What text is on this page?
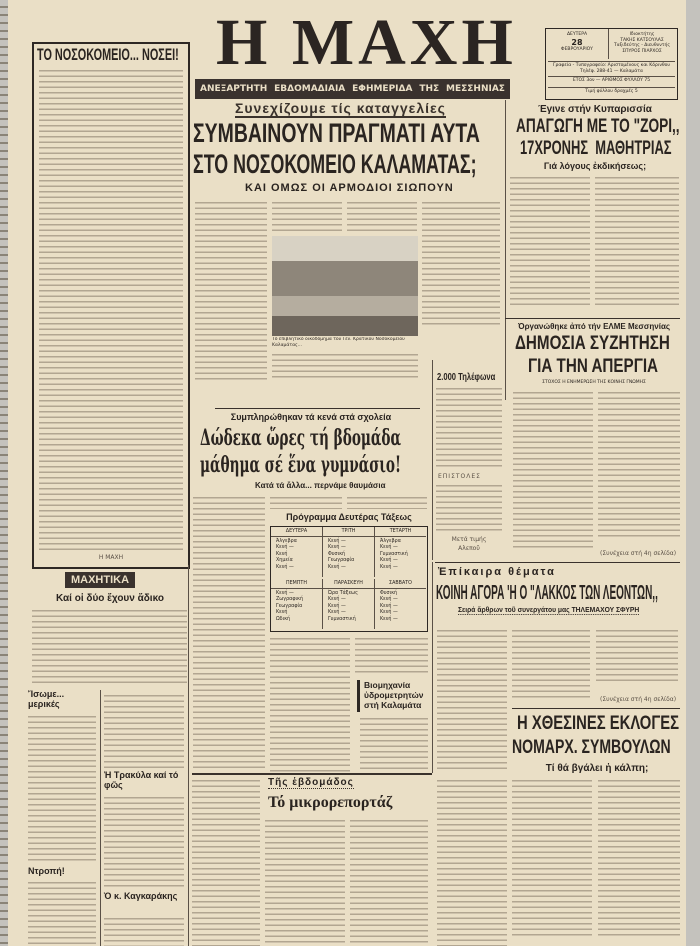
Η ΜΑΧΗ
ΑΝΕΞΑΡΤΗΤΗ ΕΒΔΟΜΑΔΙΑΙΑ ΕΦΗΜΕΡΙΔΑ ΤΗΣ ΜΕΣΣΗΝΙΑΣ
ΔΕΥΤΕΡΑ
28
ΦΕΒΡΟΥΑΡΙΟΥ
Ιδιοκτήτης
ΤΑΚΗΣ ΚΑΤΣΟΥΛΑΣ
Ταξιδεύτης - Διευθυντής
ΣΠΥΡΟΣ ΠΙΑΡΧΟΣ
Γραφεία - Τυπογραφείο: Αριστομένους και Κόρινθου Τηλέφ. 288-41 — Καλαμάτα
ΕΤΟΣ 3ον — ΑΡΙΘΜΟΣ ΦΥΛΛΟΥ 75
Τιμή φύλλου δραχμές 5
ΤΟ ΝΟΣΟΚΟΜΕΙΟ... ΝΟΣΕΙ!
Η ΜΑΧΗ
Συνεχίζουμε τίς καταγγελίες
ΣΥΜΒΑΙΝΟΥΝ ΠΡΑΓΜΑΤΙ ΑΥΤΑ
ΣΤΟ ΝΟΣΟΚΟΜΕΙΟ ΚΑΛΑΜΑΤΑΣ;
ΚΑΙ ΟΜΩΣ ΟΙ ΑΡΜΟΔΙΟΙ ΣΙΩΠΟΥΝ
Τό επιβλητικό οικοδόμημα τοῦ Γεν. Κρατικοῦ Νοσοκομείου Καλαμάτας...
Έγινε στήν Κυπαρισσία
ΑΠΑΓΩΓΗ ΜΕ ΤΟ "ΖΟΡΙ,,
17ΧΡΟΝΗΣ  ΜΑΘΗΤΡΙΑΣ
Γιά λόγους ἐκδικήσεως;
2.000 Τηλέφωνα
ΕΠΙΣΤΟΛΕΣ
Μετά τιμής
Αλεποῦ
Όργανώθηκε ἀπό τήν ΕΛΜΕ Μεσσηνίας
ΔΗΜΟΣΙΑ ΣΥΖΗΤΗΣΗ
ΓΙΑ ΤΗΝ ΑΠΕΡΓΙΑ
ΣΤΟΧΟΣ Η ΕΝΗΜΕΡΩΣΗ ΤΗΣ ΚΟΙΝΗΣ ΓΝΩΜΗΣ
(Συνέχεια στή 4η σελίδα)
Συμπληρώθηκαν τά κενά στά σχολεία
Δώδεκα ὥρες τή βδομάδα
μάθημα σέ ἕνα γυμνάσιο!
Κατά τά ἄλλα... περνάμε θαυμάσια
Πρόγραμμα Δευτέρας Τάξεως
ΔΕΥΤΕΡΑ
Άλγεβρα
Κενή —
Κενή
Χημεία
Κενή —
ΤΡΙΤΗ
Κενή —
Κενή —
Φυσική
Γεωγραφία
Κενή —
ΤΕΤΑΡΤΗ
Άλγεβρα
Κενή —
Γυμναστική
Κενή —
Κενή —
ΠΕΜΠΤΗ
Κενή —
Ζωγραφική
Γεωγραφία
Κενή
Ωδική
ΠΑΡΑΣΚΕΥΗ
Ώρα Τάξεως
Κενή —
Κενή —
Κενή —
Γυμναστική
ΣΑΒΒΑΤΟ
Φυσική
Κενή —
Κενή —
Κενή —
Κενή —
Βιομηχανία ὑδρομετρητών στή Καλαμάτα
Ἐπίκαιρα θέματα
ΚΟΙΝΗ ΑΓΟΡΑ 'Η Ο "ΛΑΚΚΟΣ ΤΩΝ ΛΕΟΝΤΩΝ,,
Σειρά ἄρθρων τοῦ συνεργάτου μας ΤΗΛΕΜΑΧΟΥ ΣΦΥΡΗ
(Συνέχεια στή 4η σελίδα)
Η ΧΘΕΣΙΝΕΣ ΕΚΛΟΓΕΣ
ΝΟΜΑΡΧ. ΣΥΜΒΟΥΛΩΝ
Τί θά βγάλει ἡ κάλπη;
ΜΑΧΗΤΙΚΑ
Καί οἱ δύο ἔχουν ἄδικο
Ἴσωμε... μερικές
Ντροπή!
Ἡ Τρακύλα καί τό φῶς
Ὁ κ. Καγκαράκης
Τῆς ἑβδομάδος
Τό μικρορεπορτάζ
